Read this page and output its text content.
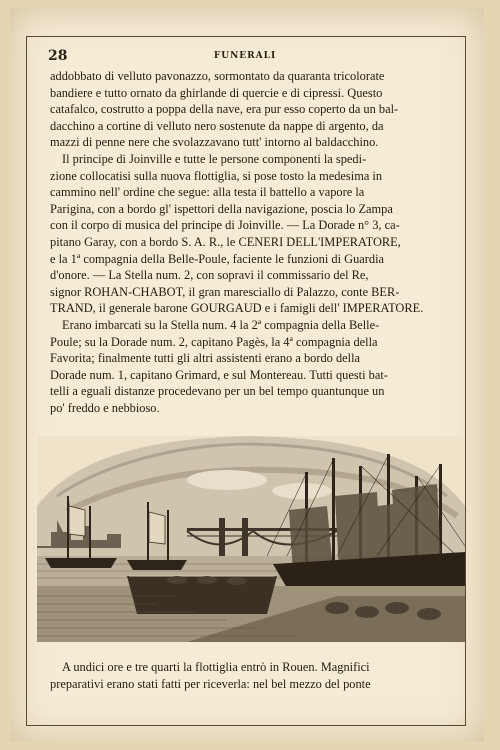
28	FUNERALI
addobbato di velluto pavonazzo, sormontato da quaranta tricolorate
bandiere e tutto ornato da ghirlande di quercie e di cipressi. Questo
catafalco, costrutto a poppa della nave, era pur esso coperto da un bal-
dacchino a cortine di velluto nero sostenute da nappe di argento, da
mazzi di penne nere che svolazzavano tutt' intorno al baldacchino.
Il principe di Joinville e tutte le persone componenti la spedi-
zione collocatisi sulla nuova flottiglia, si pose tosto la medesima in
cammino nell' ordine che segue: alla testa il battello a vapore la
Parigina, con a bordo gl' ispettori della navigazione, poscia lo Zampa
con il corpo di musica del principe di Joinville. — La Dorade n° 3, ca-
pitano Garay, con a bordo S. A. R., le CENERI DELL'IMPERATORE,
e la 1ª compagnia della Belle-Poule, faciente le funzioni di Guardia
d'onore. — La Stella num. 2, con sopravi il commissario del Re,
signor ROHAN-CHABOT, il gran maresciallo di Palazzo, conte BER-
TRAND, il generale barone GOURGAUD e i famigli dell' IMPERATORE.
Erano imbarcati su la Stella num. 4 la 2ª compagnia della Belle-
Poule; su la Dorade num. 2, capitano Pagès, la 4ª compagnia della
Favorita; finalmente tutti gli altri assistenti erano a bordo della
Dorade num. 1, capitano Grimard, e sul Montereau. Tutti questi bat-
telli a eguali distanze procedevano per un bel tempo quantunque un
po' freddo e nebbioso.
A undici ore e tre quarti la flottiglia entrò in Rouen. Magnifici
preparativi erano stati fatti per riceverla: nel bel mezzo del ponte
